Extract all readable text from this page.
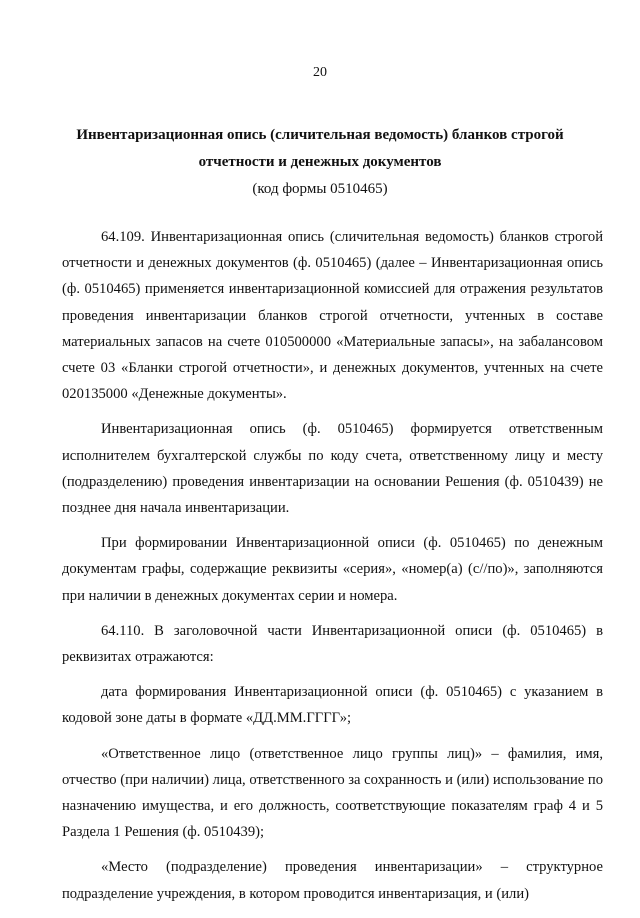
20
Инвентаризационная опись (сличительная ведомость) бланков строгой
отчетности и денежных документов
(код формы 0510465)

64.109. Инвентаризационная опись (сличительная ведомость) бланков строгой отчетности и денежных документов (ф. 0510465) (далее – Инвентаризационная опись (ф. 0510465) применяется инвентаризационной комиссией для отражения результатов проведения инвентаризации бланков строгой отчетности, учтенных в составе материальных запасов на счете 010500000 «Материальные запасы», на забалансовом счете 03 «Бланки строгой отчетности», и денежных документов, учтенных на счете 020135000 «Денежные документы».

Инвентаризационная опись (ф. 0510465) формируется ответственным исполнителем бухгалтерской службы по коду счета, ответственному лицу и месту (подразделению) проведения инвентаризации на основании Решения (ф. 0510439) не позднее дня начала инвентаризации.

При формировании Инвентаризационной описи (ф. 0510465) по денежным документам графы, содержащие реквизиты «серия», «номер(а) (с//по)», заполняются при наличии в денежных документах серии и номера.

64.110. В заголовочной части Инвентаризационной описи (ф. 0510465) в реквизитах отражаются:

дата формирования Инвентаризационной описи (ф. 0510465) с указанием в кодовой зоне даты в формате «ДД.ММ.ГГГГ»;

«Ответственное лицо (ответственное лицо группы лиц)» – фамилия, имя, отчество (при наличии) лица, ответственного за сохранность и (или) использование по назначению имущества, и его должность, соответствующие показателям граф 4 и 5 Раздела 1 Решения (ф. 0510439);

«Место (подразделение) проведения инвентаризации» – структурное подразделение учреждения, в котором проводится инвентаризация, и (или)
